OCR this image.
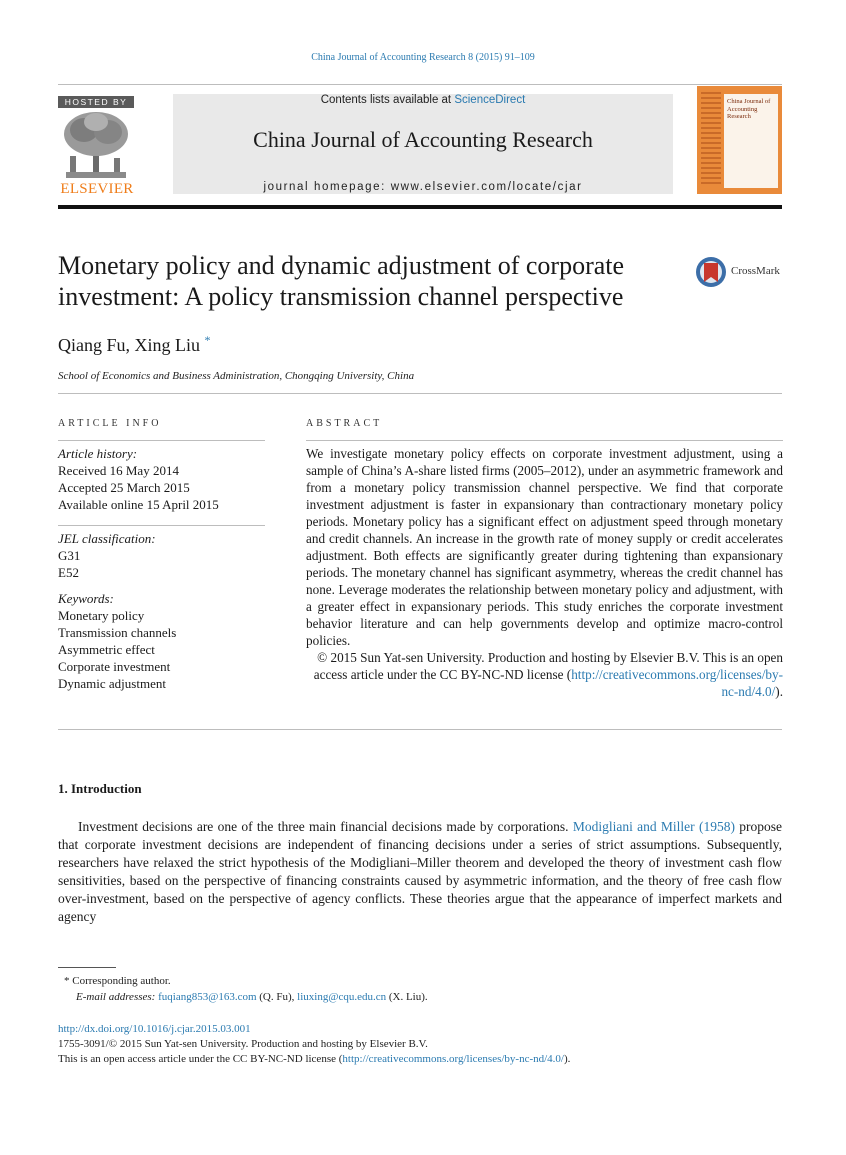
China Journal of Accounting Research 8 (2015) 91–109
HOSTED BY
ELSEVIER
Contents lists available at ScienceDirect
China Journal of Accounting Research
journal homepage: www.elsevier.com/locate/cjar
China Journal of Accounting Research
Monetary policy and dynamic adjustment of corporate investment: A policy transmission channel perspective
CrossMark
Qiang Fu, Xing Liu *
School of Economics and Business Administration, Chongqing University, China
ARTICLE INFO
Article history:
Received 16 May 2014
Accepted 25 March 2015
Available online 15 April 2015
JEL classification:
G31
E52
Keywords:
Monetary policy
Transmission channels
Asymmetric effect
Corporate investment
Dynamic adjustment
ABSTRACT
We investigate monetary policy effects on corporate investment adjustment, using a sample of China’s A-share listed firms (2005–2012), under an asymmetric framework and from a monetary policy transmission channel perspective. We find that corporate investment adjustment is faster in expansionary than contractionary monetary policy periods. Monetary policy has a significant effect on adjustment speed through monetary and credit channels. An increase in the growth rate of money supply or credit accelerates adjustment. Both effects are significantly greater during tightening than expansionary periods. The monetary channel has significant asymmetry, whereas the credit channel has none. Leverage moderates the relationship between monetary policy and adjustment, with a greater effect in expansionary periods. This study enriches the corporate investment behavior literature and can help governments develop and optimize macro-control policies.
© 2015 Sun Yat-sen University. Production and hosting by Elsevier B.V. This is an open access article under the CC BY-NC-ND license (http://creativecommons.org/licenses/by-nc-nd/4.0/).
1. Introduction
Investment decisions are one of the three main financial decisions made by corporations. Modigliani and Miller (1958) propose that corporate investment decisions are independent of financing decisions under a series of strict assumptions. Subsequently, researchers have relaxed the strict hypothesis of the Modigliani–Miller theorem and developed the theory of investment cash flow sensitivities, based on the perspective of financing constraints caused by asymmetric information, and the theory of free cash flow over-investment, based on the perspective of agency conflicts. These theories argue that the appearance of imperfect markets and agency
* Corresponding author.
E-mail addresses: fuqiang853@163.com (Q. Fu), liuxing@cqu.edu.cn (X. Liu).
http://dx.doi.org/10.1016/j.cjar.2015.03.001
1755-3091/© 2015 Sun Yat-sen University. Production and hosting by Elsevier B.V.
This is an open access article under the CC BY-NC-ND license (http://creativecommons.org/licenses/by-nc-nd/4.0/).
